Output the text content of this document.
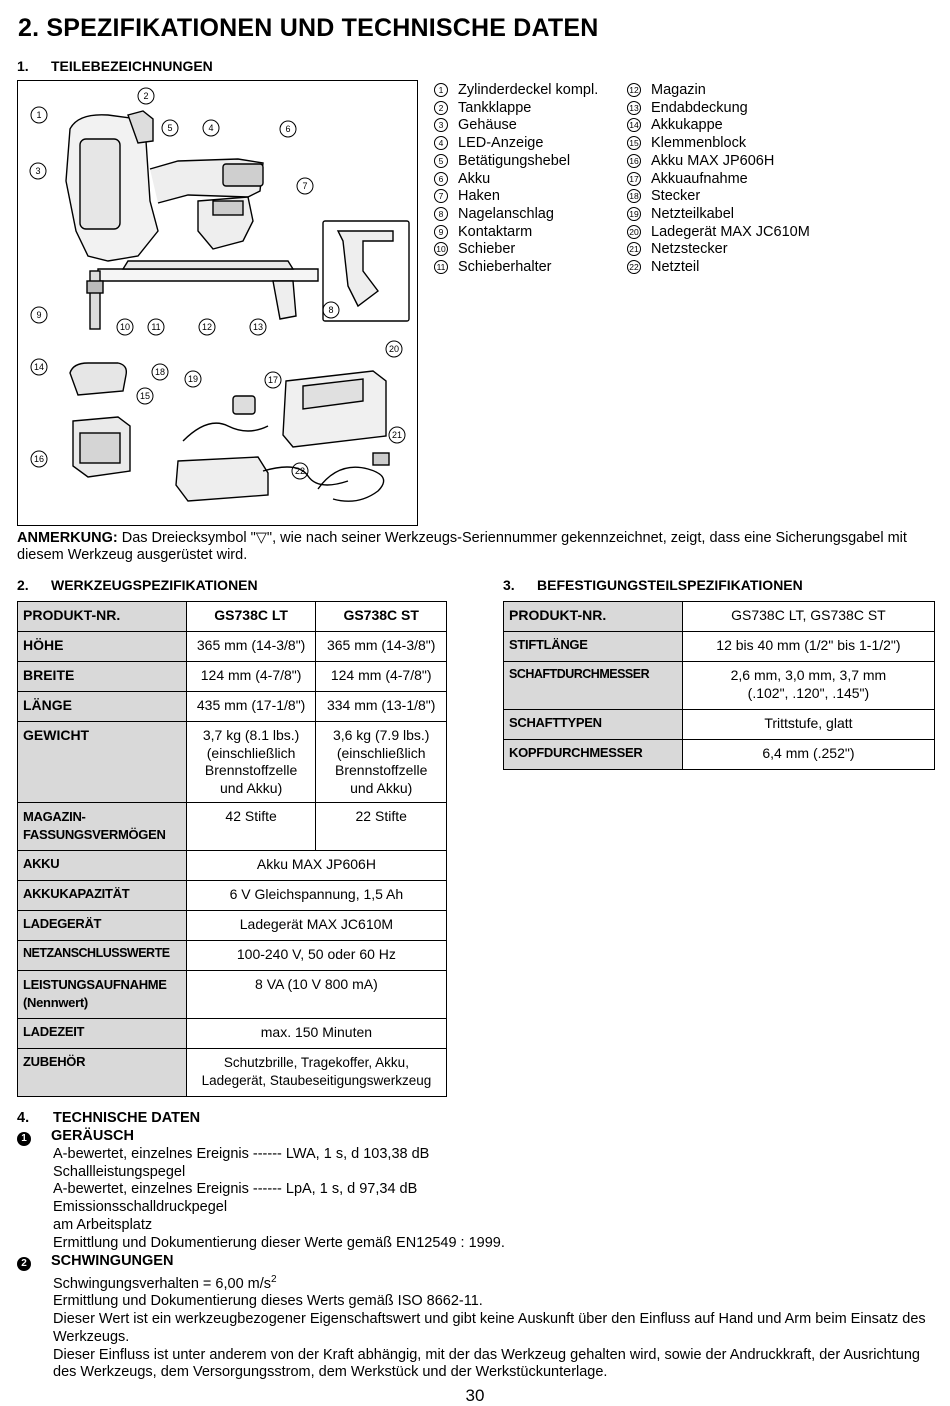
2. SPEZIFIKATIONEN UND TECHNISCHE DATEN
1. TEILEBEZEICHNUNGEN
1
2
3
4
5	6
7
8
9
10 11	12	13
14
15
16
17
18
19
20
21
22
1 Zylinderdeckel kompl.
2 Tankklappe
3 Gehäuse
4 LED-Anzeige
5 Betätigungshebel
6 Akku
7 Haken
8 Nagelanschlag
9 Kontaktarm
10 Schieber
11 Schieberhalter
12 Magazin
13 Endabdeckung
14 Akkukappe
15 Klemmenblock
16 Akku MAX JP606H
17 Akkuaufnahme
18 Stecker
19 Netzteilkabel
20 Ladegerät MAX JC610M
21 Netzstecker
22 Netzteil
ANMERKUNG: Das Dreiecksymbol "▽", wie nach seiner Werkzeugs-Seriennummer gekennzeichnet, zeigt, dass eine Sicherungsgabel mit diesem Werkzeug ausgerüstet wird.
2. WERKZEUGSPEZIFIKATIONEN	3. BEFESTIGUNGSTEILSPEZIFIKATIONEN
PRODUKT-NR.	GS738C LT	GS738C ST
HÖHE	365 mm (14-3/8")	365 mm (14-3/8")
BREITE	124 mm (4-7/8")	124 mm (4-7/8")
LÄNGE	435 mm (17-1/8")	334 mm (13-1/8")
GEWICHT	3,7 kg (8.1 lbs.)
(einschließlich
Brennstoffzelle
und Akku)	3,6 kg (7.9 lbs.)
(einschließlich
Brennstoffzelle
und Akku)
MAGAZIN-
FASSUNGSVERMÖGEN	42 Stifte	22 Stifte
AKKU	Akku MAX JP606H	
AKKUKAPAZITÄT	6 V Gleichspannung, 1,5 Ah	
LADEGERÄT	Ladegerät MAX JC610M	
NETZANSCHLUSSWERTE	100-240 V, 50 oder 60 Hz	
LEISTUNGSAUFNAHME
(Nennwert)	8 VA (10 V 800 mA)	
LADEZEIT	max. 150 Minuten	
ZUBEHÖR	Schutzbrille, Tragekoffer, Akku,
Ladegerät, Staubeseitigungswerkzeug	
PRODUKT-NR.	GS738C LT, GS738C ST
STIFTLÄNGE	12 bis 40 mm (1/2" bis 1-1/2")
SCHAFTDURCHMESSER	2,6 mm, 3,0 mm, 3,7 mm
(.102", .120", .145")
SCHAFTTYPEN	Trittstufe, glatt
KOPFDURCHMESSER	6,4 mm (.252")
4. TECHNISCHE DATEN
1 GERÄUSCH
A-bewertet, einzelnes Ereignis ------ LWA, 1 s, d 103,38 dB
Schallleistungspegel
A-bewertet, einzelnes Ereignis ------ LpA, 1 s, d 97,34 dB
Emissionsschalldruckpegel
am Arbeitsplatz
Ermittlung und Dokumentierung dieser Werte gemäß EN12549 : 1999.
2 SCHWINGUNGEN
Schwingungsverhalten = 6,00 $m/s^2$
Ermittlung und Dokumentierung dieses Werts gemäß ISO 8662-11.
Dieser Wert ist ein werkzeugbezogener Eigenschaftswert und gibt keine Auskunft über den Einfluss auf Hand und Arm beim Einsatz des Werkzeugs.
Dieser Einfluss ist unter anderem von der Kraft abhängig, mit der das Werkzeug gehalten wird, sowie der Andruckkraft, der Ausrichtung des Werkzeugs, dem Versorgungsstrom, dem Werkstück und der Werkstückunterlage.
30
